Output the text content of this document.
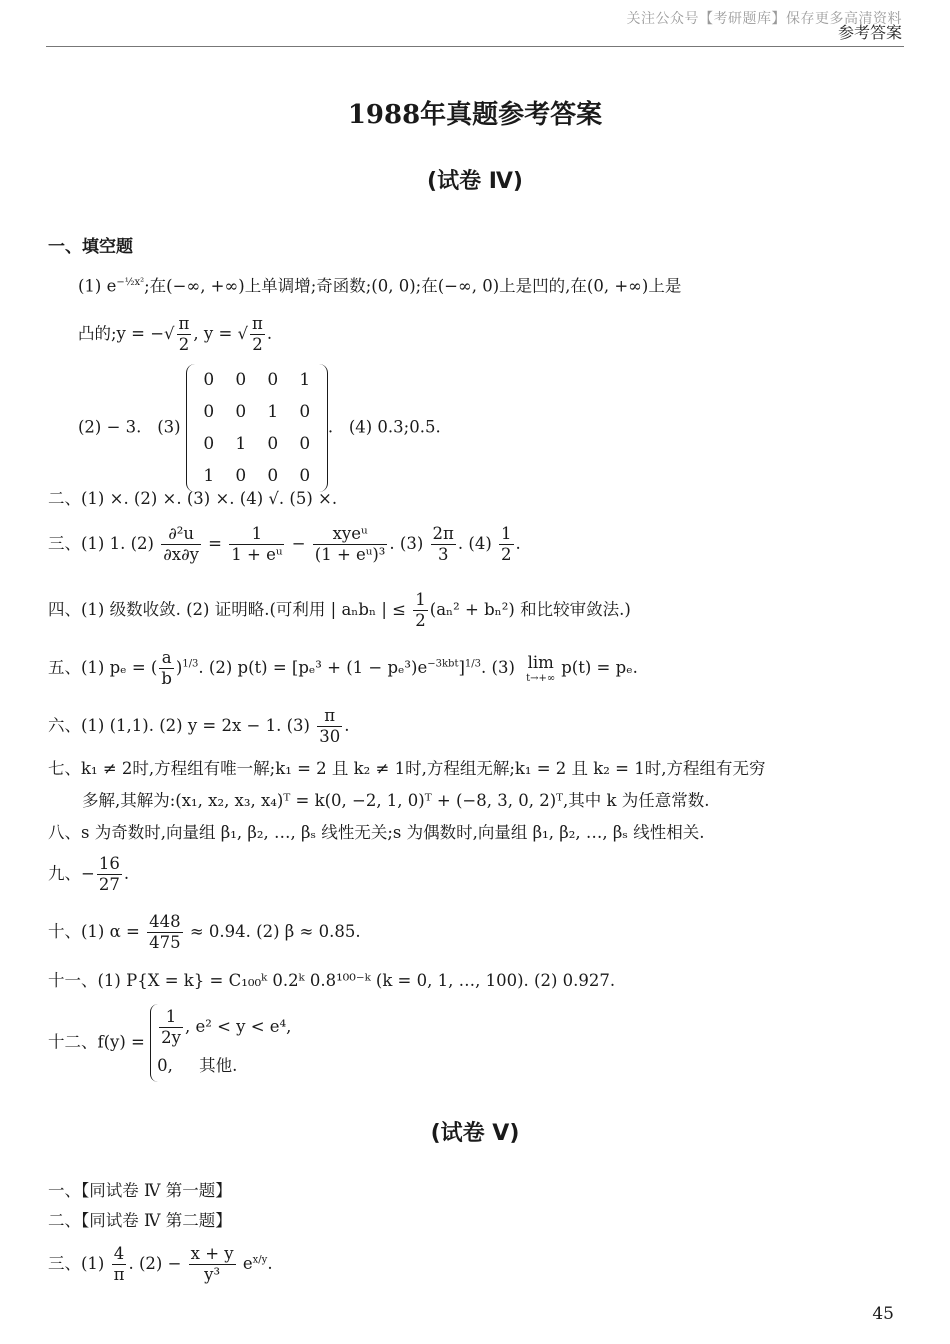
关注公众号【考研题库】保存更多高清资料
参考答案
1988年真题参考答案
(试卷 Ⅳ)
一、填空题
(1) $e^{-\frac{1}{2}x^2}$;在(−∞, +∞)上单调增;奇函数;(0, 0);在(−∞, 0)上是凹的,在(0, +∞)上是
凸的;y = −√ $\frac{\pi}{2}$ , y = √ $\frac{\pi}{2}$ .
(2) − 3. (3)
0	0	0	1
0	0	1	0
0	1	0	0
1	0	0	0
. (4) 0.3;0.5.
二、(1) ×. (2) ×. (3) ×. (4) √. (5) ×.
三、(1) 1. $(2) \frac{\text{∂²u}}{\partial x\partial y} = \frac{1}{\text{1 + eᵘ}} - \frac{\text{xyeᵘ}}{\text{(1 + eᵘ)³}}$ . $(3) \frac{2\pi}{3}$ . $(4) \frac{1}{2}$ .
四、(1) 级数收敛. (2) 证明略.(可利用 | aₙbₙ | ≤ $\frac{1}{2} (a_n^2 + b_n^2)$ 和比较审敛法.)
五、(1) pₑ = ( $\frac{a}{b} )^{1/3}$. (2) $p(t) = [p_e^3 + (1 - p_e^3)e^{-3kbt}]^{1/3}$. (3) lim
t→+∞
p(t) = pₑ.
六、(1) (1,1). (2) y = 2x − 1. $(3) \frac{\pi}{30}$ .
七、k₁ ≠ 2时,方程组有唯一解;k₁ = 2 且 k₂ ≠ 1时,方程组无解;k₁ = 2 且 k₂ = 1时,方程组有无穷
多解,其解为:(x₁, x₂, x₃, x₄)ᵀ = k(0, −2, 1, 0)ᵀ + (−8, 3, 0, 2)ᵀ,其中 k 为任意常数.
八、s 为奇数时,向量组 β₁, β₂, …, βₛ 线性无关;s 为偶数时,向量组 β₁, β₂, …, βₛ 线性相关.
九、− $\frac{16}{27}$ .
十、(1) $\alpha = \frac{448}{475} \approx 0.94$. (2) β ≈ 0.85.
十一、(1) P{X = k} = C₁₀₀ᵏ 0.2ᵏ 0.8¹⁰⁰⁻ᵏ (k = 0, 1, …, 100). (2) 0.927.
十二、$f(y) = \frac{1}{2y}$ , e² < y < e⁴,
0, 其他.
(试卷 Ⅴ)
一、【同试卷 Ⅳ 第一题】
二、【同试卷 Ⅳ 第二题】
三、$(1) \frac{4}{\pi}$ . $(2) - \frac{x + y}{\text{y³}} e^{x/y}$.
45
